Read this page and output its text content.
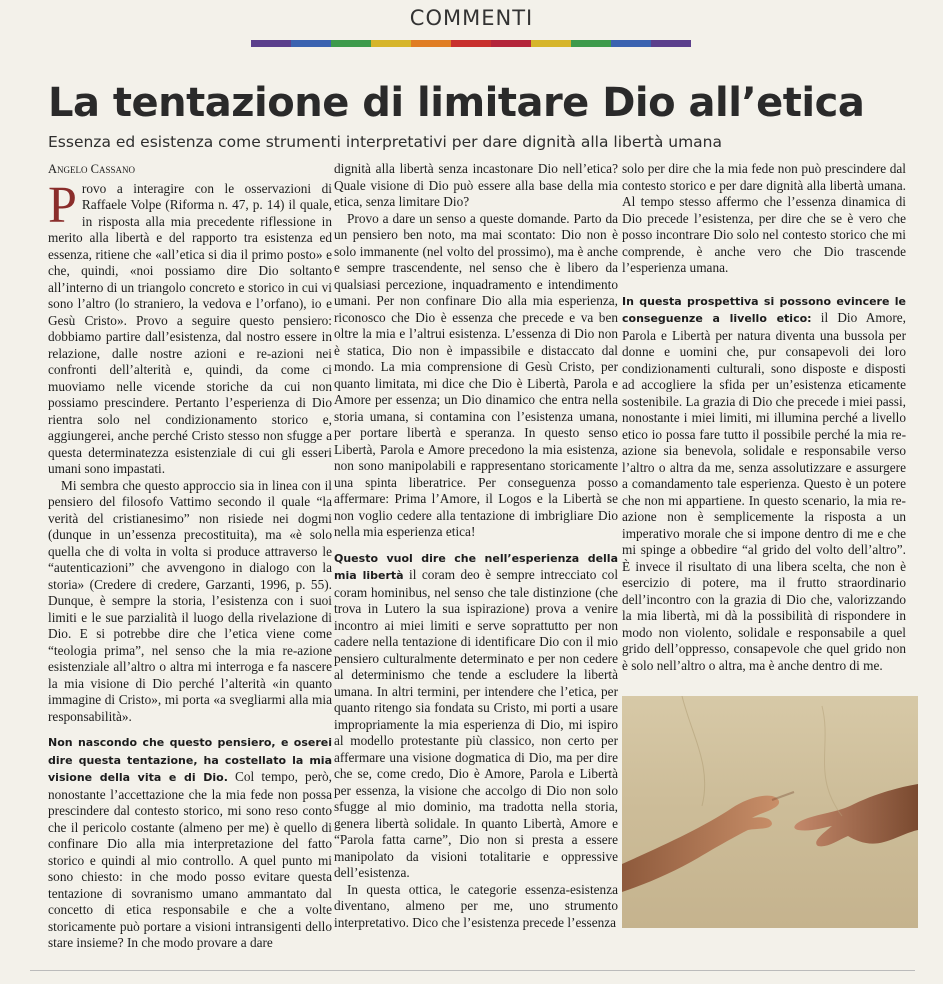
COMMENTI
La tentazione di limitare Dio all’etica
Essenza ed esistenza come strumenti interpretativi per dare dignità alla libertà umana

Angelo Cassano

Provo a interagire con le osservazioni di Raffaele Volpe (Riforma n. 47, p. 14) il quale, in risposta alla mia precedente riflessione in merito alla libertà e del rapporto tra esistenza ed essenza, ritiene che «all’etica si dia il primo posto» e che, quindi, «noi possiamo dire Dio soltanto all’interno di un triangolo concreto e storico in cui vi sono l’altro (lo straniero, la vedova e l’orfano), io e Gesù Cristo». Provo a seguire questo pensiero: dobbiamo partire dall’esistenza, dal nostro essere in relazione, dalle nostre azioni e re-azioni nei confronti dell’alterità e, quindi, da come ci muoviamo nelle vicende storiche da cui non possiamo prescindere. Pertanto l’esperienza di Dio rientra solo nel condizionamento storico e, aggiungerei, anche perché Cristo stesso non sfugge a questa determinatezza esistenziale di cui gli esseri umani sono impastati.

Mi sembra che questo approccio sia in linea con il pensiero del filosofo Vattimo secondo il quale “la verità del cristianesimo” non risiede nei dogmi (dunque in un’essenza precostituita), ma «è solo quella che di volta in volta si produce attraverso le “autenticazioni” che avvengono in dialogo con la storia» (Credere di credere, Garzanti, 1996, p. 55). Dunque, è sempre la storia, l’esistenza con i suoi limiti e le sue parzialità il luogo della rivelazione di Dio. E si potrebbe dire che l’etica viene come “teologia prima”, nel senso che la mia re-azione esistenziale all’altro o altra mi interroga e fa nascere la mia visione di Dio perché l’alterità «in quanto immagine di Cristo», mi porta «a svegliarmi alla mia responsabilità».

Non nascondo che questo pensiero, e oserei dire questa tentazione, ha costellato la mia visione della vita e di Dio. Col tempo, però, nonostante l’accettazione che la mia fede non possa prescindere dal contesto storico, mi sono reso conto che il pericolo costante (almeno per me) è quello di confinare Dio alla mia interpretazione del fatto storico e quindi al mio controllo. A quel punto mi sono chiesto: in che modo posso evitare questa tentazione di sovranismo umano ammantato dal concetto di etica responsabile e che a volte storicamente può portare a visioni intransigenti dello stare insieme? In che modo provare a dare

dignità alla libertà senza incastonare Dio nell’etica? Quale visione di Dio può essere alla base della mia etica, senza limitare Dio?

Provo a dare un senso a queste domande. Parto da un pensiero ben noto, ma mai scontato: Dio non è solo immanente (nel volto del prossimo), ma è anche e sempre trascendente, nel senso che è libero da qualsiasi percezione, inquadramento e intendimento umani. Per non confinare Dio alla mia esperienza, riconosco che Dio è essenza che precede e va ben oltre la mia e l’altrui esistenza. L’essenza di Dio non è statica, Dio non è impassibile e distaccato dal mondo. La mia comprensione di Gesù Cristo, per quanto limitata, mi dice che Dio è Libertà, Parola e Amore per essenza; un Dio dinamico che entra nella storia umana, si contamina con l’esistenza umana, per portare libertà e speranza. In questo senso Libertà, Parola e Amore precedono la mia esistenza, non sono manipolabili e rappresentano storicamente una spinta liberatrice. Per conseguenza posso affermare: Prima l’Amore, il Logos e la Libertà se non voglio cedere alla tentazione di imbrigliare Dio nella mia esperienza etica!

Questo vuol dire che nell’esperienza della mia libertà il coram deo è sempre intrecciato col coram hominibus, nel senso che tale distinzione (che trova in Lutero la sua ispirazione) prova a venire incontro ai miei limiti e serve soprattutto per non cadere nella tentazione di identificare Dio con il mio pensiero culturalmente determinato e per non cedere al determinismo che tende a escludere la libertà umana. In altri termini, per intendere che l’etica, per quanto ritengo sia fondata su Cristo, mi porti a usare impropriamente la mia esperienza di Dio, mi ispiro al modello protestante più classico, non certo per affermare una visione dogmatica di Dio, ma per dire che se, come credo, Dio è Amore, Parola e Libertà per essenza, la visione che accolgo di Dio non solo sfugge al mio dominio, ma tradotta nella storia, genera libertà solidale. In quanto Libertà, Amore e “Parola fatta carne”, Dio non si presta a essere manipolato da visioni totalitarie e oppressive dell’esistenza.

In questa ottica, le categorie essenza-esistenza diventano, almeno per me, uno strumento interpretativo. Dico che l’esistenza precede l’essenza

solo per dire che la mia fede non può prescindere dal contesto storico e per dare dignità alla libertà umana. Al tempo stesso affermo che l’essenza dinamica di Dio precede l’esistenza, per dire che se è vero che posso incontrare Dio solo nel contesto storico che mi comprende, è anche vero che Dio trascende l’esperienza umana.

In questa prospettiva si possono evincere le conseguenze a livello etico: il Dio Amore, Parola e Libertà per natura diventa una bussola per donne e uomini che, pur consapevoli dei loro condizionamenti culturali, sono disposte e disposti ad accogliere la sfida per un’esistenza eticamente sostenibile. La grazia di Dio che precede i miei passi, nonostante i miei limiti, mi illumina perché a livello etico io possa fare tutto il possibile perché la mia re-azione sia benevola, solidale e responsabile verso l’altro o altra da me, senza assolutizzare e assurgere a comandamento tale esperienza. Questo è un potere che non mi appartiene. In questo scenario, la mia re-azione non è semplicemente la risposta a un imperativo morale che si impone dentro di me e che mi spinge a obbedire “al grido del volto dell’altro”. È invece il risultato di una libera scelta, che non è esercizio di potere, ma il frutto straordinario dell’incontro con la grazia di Dio che, valorizzando la mia libertà, mi dà la possibilità di rispondere in modo non violento, solidale e responsabile a quel grido dell’oppresso, consapevole che quel grido non è solo nell’altro o altra, ma è anche dentro di me.
